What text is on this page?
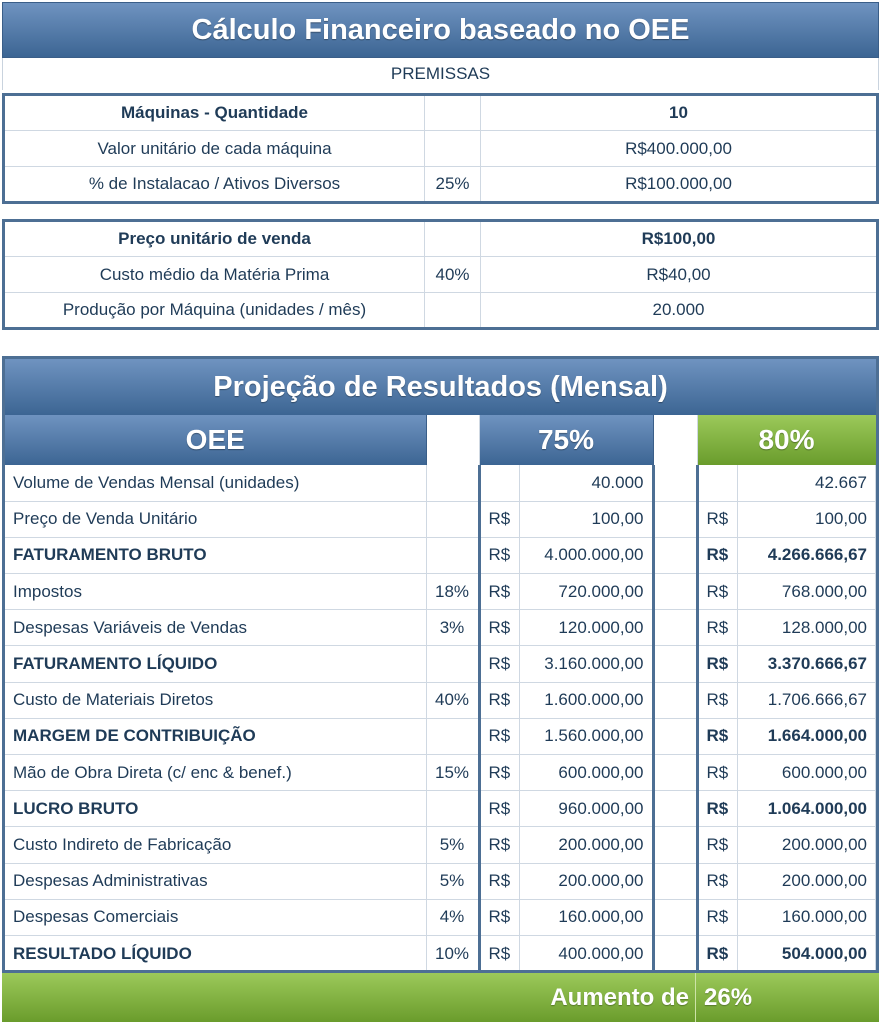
Cálculo Financeiro baseado no OEE
PREMISSAS
Máquinas - Quantidade		10
Valor unitário de cada máquina		R$400.000,00
% de Instalacao / Ativos Diversos	25%	R$100.000,00
Preço unitário de venda		R$100,00
Custo médio da Matéria Prima	40%	R$40,00
Produção por Máquina (unidades / mês)		20.000
Projeção de Resultados (Mensal)
OEE		75%			80%	
Volume de Vendas Mensal (unidades)			40.000			42.667
Preço de Venda Unitário		R$	100,00		R$	100,00
FATURAMENTO BRUTO		R$	4.000.000,00		R$	4.266.666,67
Impostos	18%	R$	720.000,00		R$	768.000,00
Despesas Variáveis de Vendas	3%	R$	120.000,00		R$	128.000,00
FATURAMENTO LÍQUIDO		R$	3.160.000,00		R$	3.370.666,67
Custo de Materiais Diretos	40%	R$	1.600.000,00		R$	1.706.666,67
MARGEM DE CONTRIBUIÇÃO		R$	1.560.000,00		R$	1.664.000,00
Mão de Obra Direta (c/ enc & benef.)	15%	R$	600.000,00		R$	600.000,00
LUCRO BRUTO		R$	960.000,00		R$	1.064.000,00
Custo Indireto de Fabricação	5%	R$	200.000,00		R$	200.000,00
Despesas Administrativas	5%	R$	200.000,00		R$	200.000,00
Despesas Comerciais	4%	R$	160.000,00		R$	160.000,00
RESULTADO LÍQUIDO	10%	R$	400.000,00		R$	504.000,00
Aumento de 26%
